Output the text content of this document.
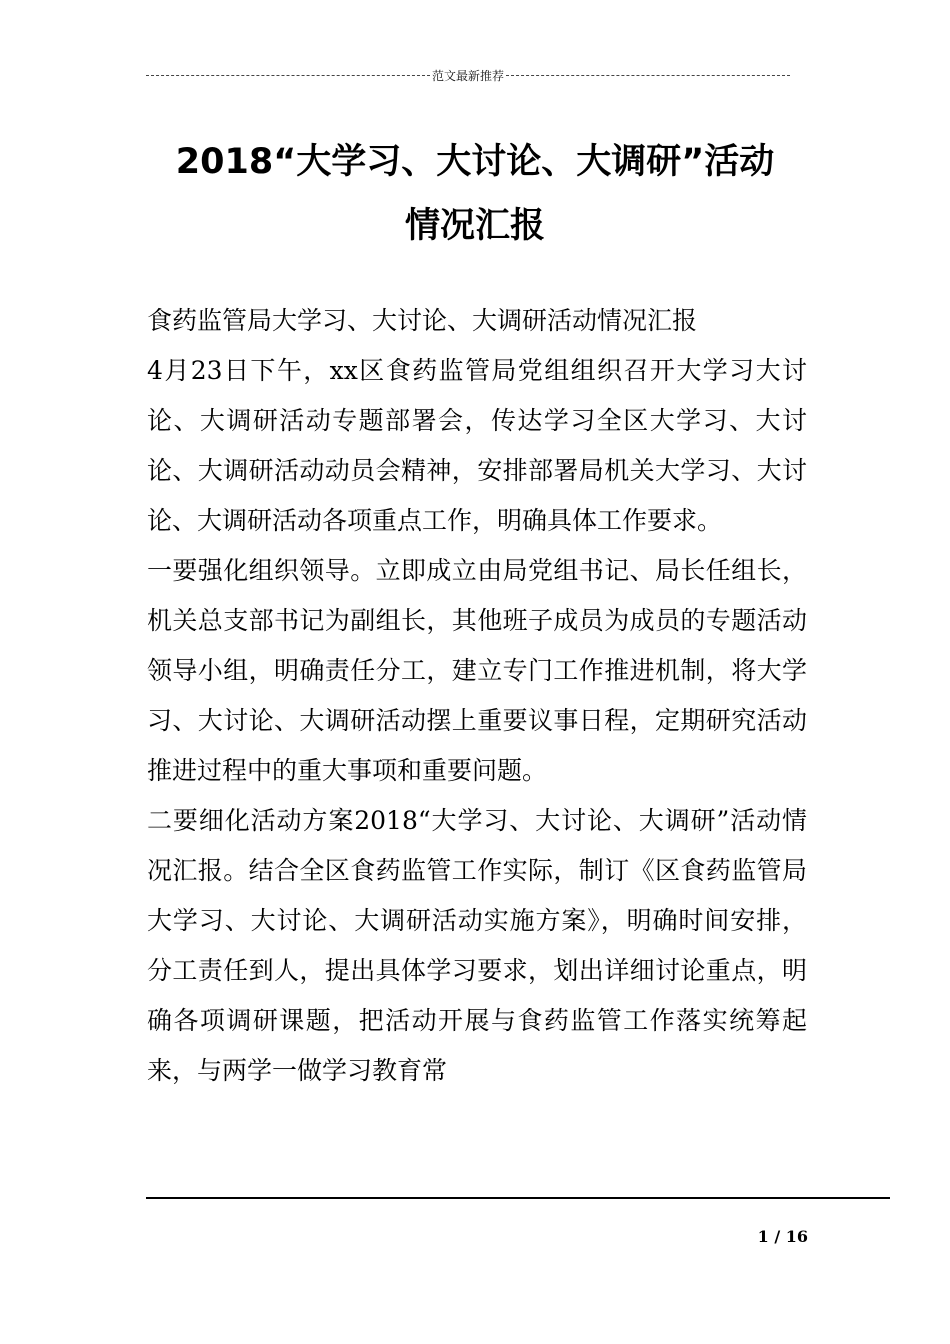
范文最新推荐
2018“大学习、大讨论、大调研”活动
情况汇报

食药监管局大学习、大讨论、大调研活动情况汇报

4月23日下午，xx区食药监管局党组组织召开大学习大讨论、大调研活动专题部署会，传达学习全区大学习、大讨论、大调研活动动员会精神，安排部署局机关大学习、大讨论、大调研活动各项重点工作，明确具体工作要求。

一要强化组织领导。立即成立由局党组书记、局长任组长，机关总支部书记为副组长，其他班子成员为成员的专题活动领导小组，明确责任分工，建立专门工作推进机制，将大学习、大讨论、大调研活动摆上重要议事日程，定期研究活动推进过程中的重大事项和重要问题。

二要细化活动方案2018“大学习、大讨论、大调研”活动情况汇报。结合全区食药监管工作实际，制订《区食药监管局大学习、大讨论、大调研活动实施方案》，明确时间安排，分工责任到人，提出具体学习要求，划出详细讨论重点，明确各项调研课题，把活动开展与食药监管工作落实统筹起来，与两学一做学习教育常

1 / 16
